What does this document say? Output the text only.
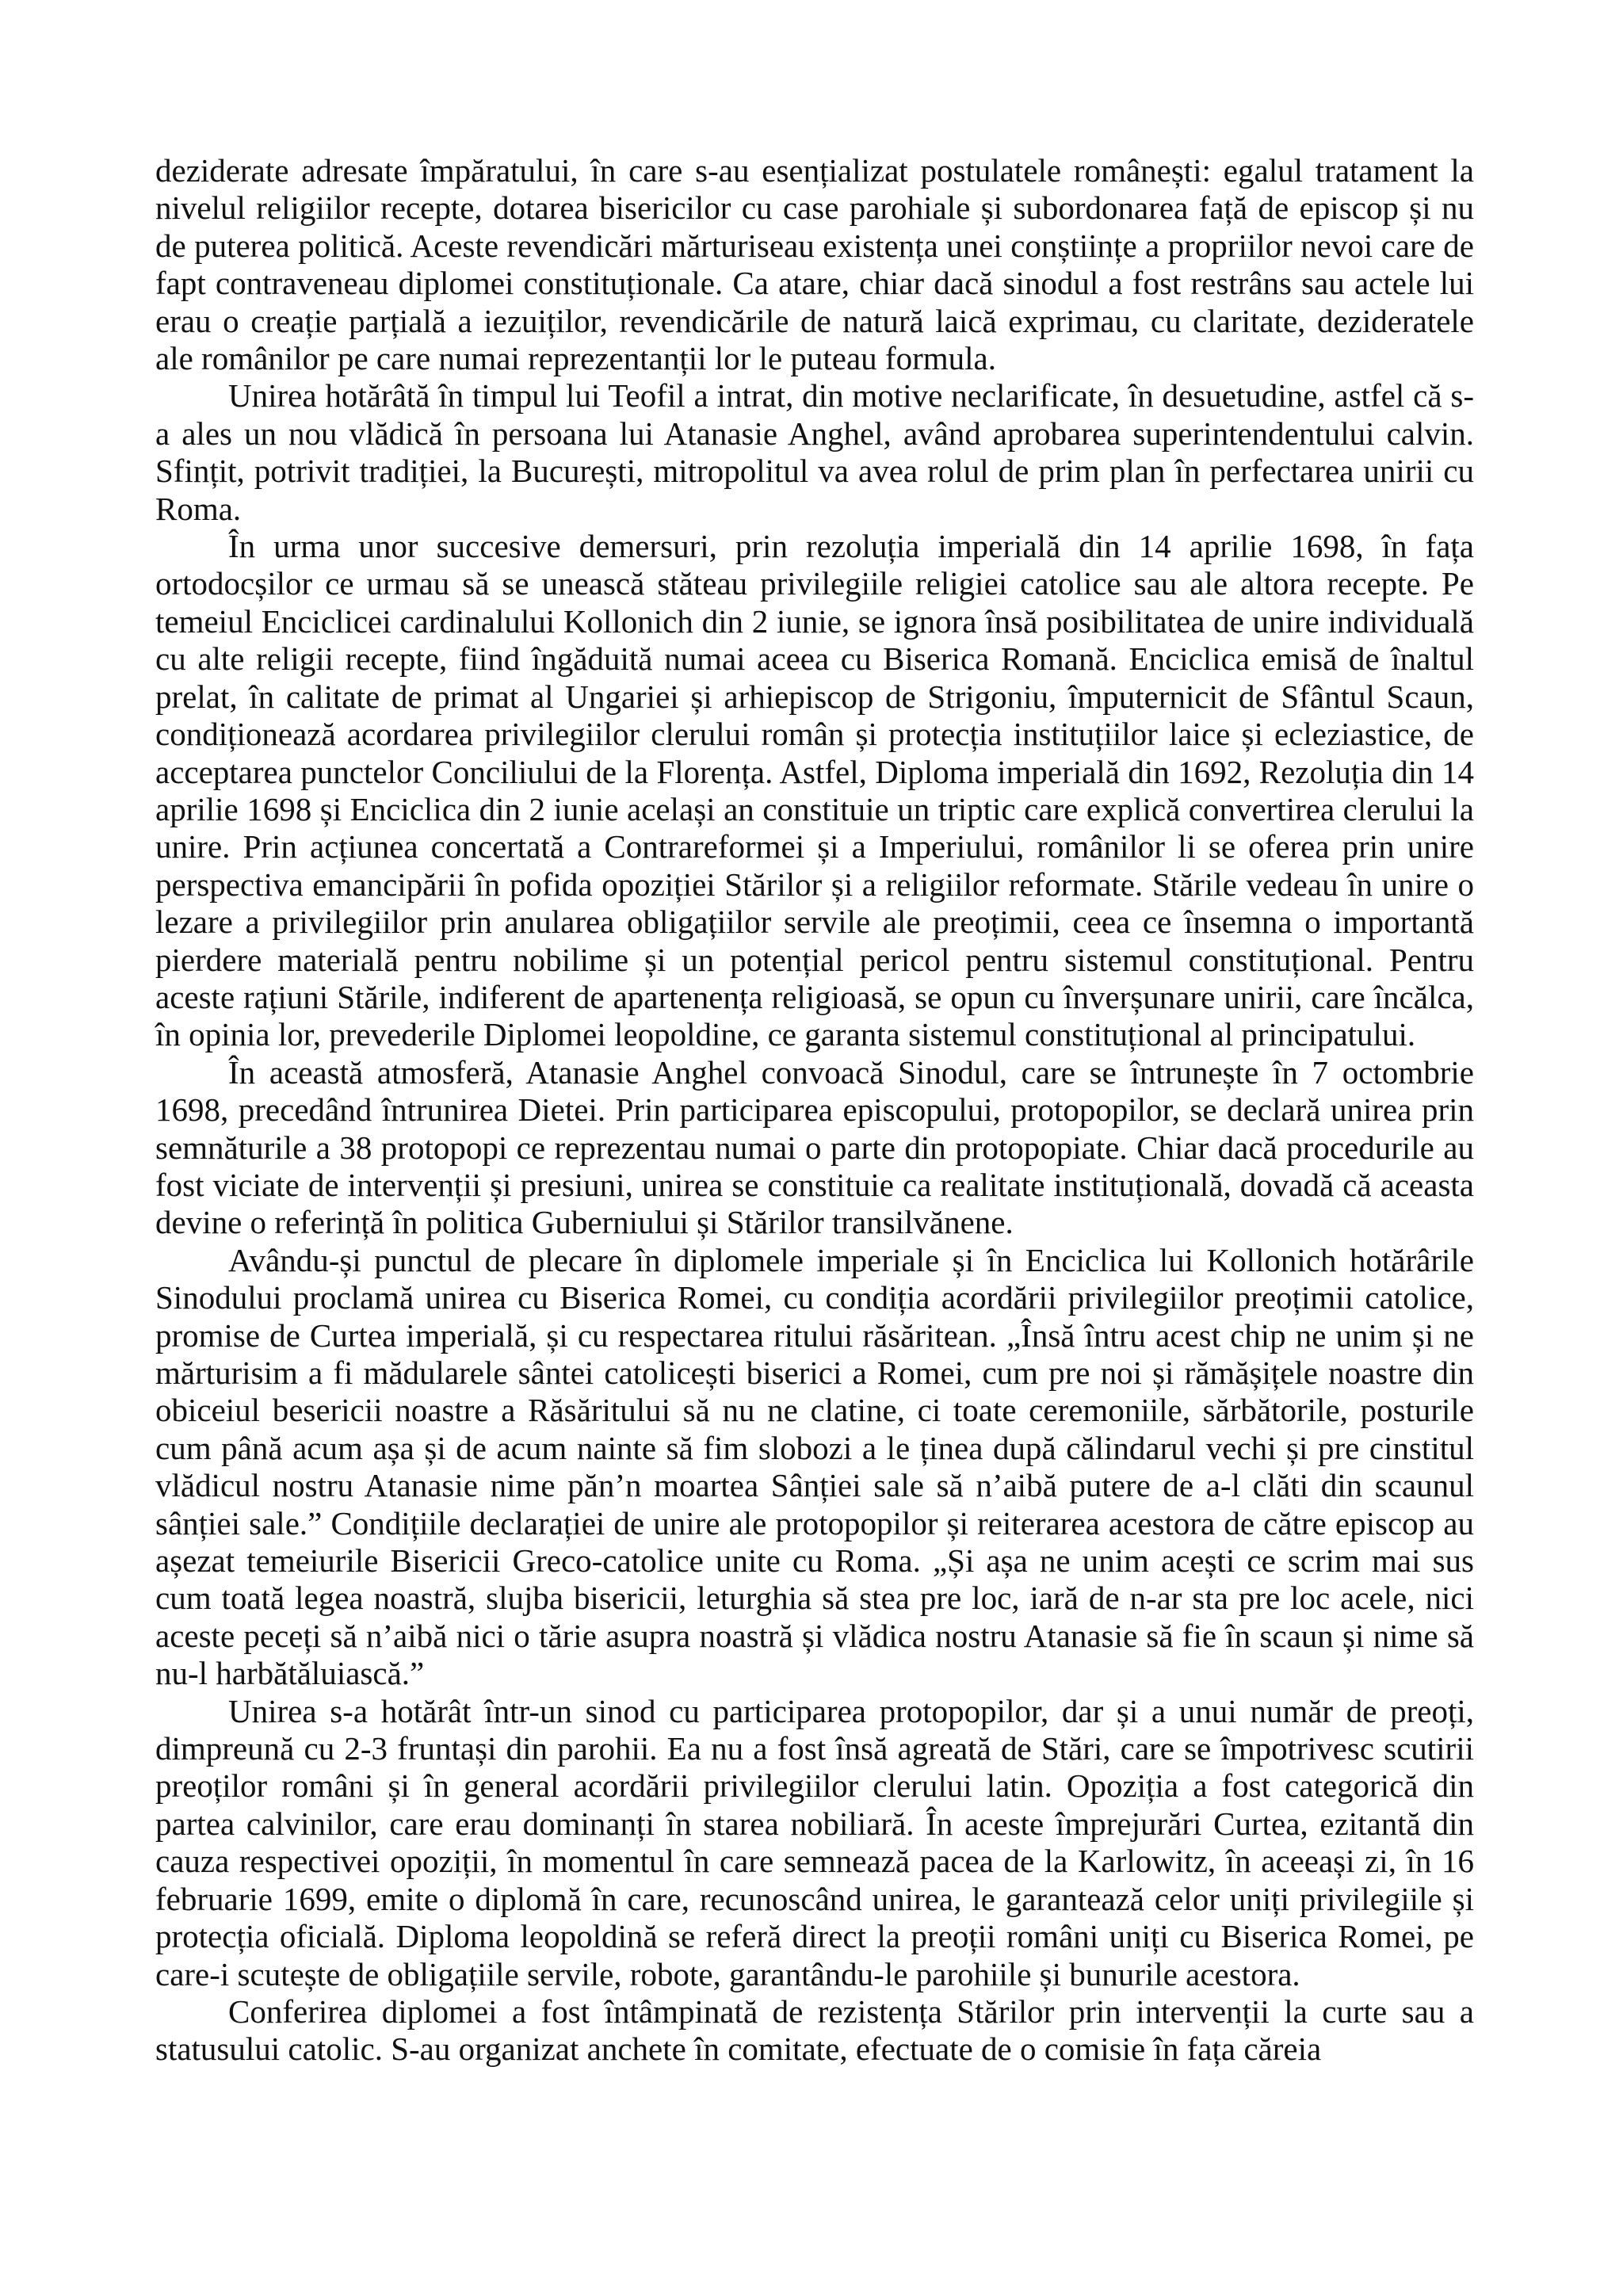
deziderate adresate împăratului, în care s-au esențializat postulatele românești: egalul tratament la nivelul religiilor recepte, dotarea bisericilor cu case parohiale și subordonarea față de episcop și nu de puterea politică. Aceste revendicări mărturiseau existența unei conștiințe a propriilor nevoi care de fapt contraveneau diplomei constituționale. Ca atare, chiar dacă sinodul a fost restrâns sau actele lui erau o creație parțială a iezuiților, revendicările de natură laică exprimau, cu claritate, dezideratele ale românilor pe care numai reprezentanții lor le puteau formula.

Unirea hotărâtă în timpul lui Teofil a intrat, din motive neclarificate, în desuetudine, astfel că s-a ales un nou vlădică în persoana lui Atanasie Anghel, având aprobarea superintendentului calvin. Sfințit, potrivit tradiției, la București, mitropolitul va avea rolul de prim plan în perfectarea unirii cu Roma.

În urma unor succesive demersuri, prin rezoluția imperială din 14 aprilie 1698, în fața ortodocșilor ce urmau să se unească stăteau privilegiile religiei catolice sau ale altora recepte. Pe temeiul Enciclicei cardinalului Kollonich din 2 iunie, se ignora însă posibilitatea de unire individuală cu alte religii recepte, fiind îngăduită numai aceea cu Biserica Romană. Enciclica emisă de înaltul prelat, în calitate de primat al Ungariei și arhiepiscop de Strigoniu, împuternicit de Sfântul Scaun, condiționează acordarea privilegiilor clerului român și protecția instituțiilor laice și ecleziastice, de acceptarea punctelor Conciliului de la Florența. Astfel, Diploma imperială din 1692, Rezoluția din 14 aprilie 1698 și Enciclica din 2 iunie același an constituie un triptic care explică convertirea clerului la unire. Prin acțiunea concertată a Contrareformei și a Imperiului, românilor li se oferea prin unire perspectiva emancipării în pofida opoziției Stărilor și a religiilor reformate. Stările vedeau în unire o lezare a privilegiilor prin anularea obligațiilor servile ale preoțimii, ceea ce însemna o importantă pierdere materială pentru nobilime și un potențial pericol pentru sistemul constituțional. Pentru aceste rațiuni Stările, indiferent de apartenența religioasă, se opun cu înverșunare unirii, care încălca, în opinia lor, prevederile Diplomei leopoldine, ce garanta sistemul constituțional al principatului.

În această atmosferă, Atanasie Anghel convoacă Sinodul, care se întrunește în 7 octombrie 1698, precedând întrunirea Dietei. Prin participarea episcopului, protopopilor, se declară unirea prin semnăturile a 38 protopopi ce reprezentau numai o parte din protopopiate. Chiar dacă procedurile au fost viciate de intervenții și presiuni, unirea se constituie ca realitate instituțională, dovadă că aceasta devine o referință în politica Guberniului și Stărilor transilvănene.

Avându-și punctul de plecare în diplomele imperiale și în Enciclica lui Kollonich hotărârile Sinodului proclamă unirea cu Biserica Romei, cu condiția acordării privilegiilor preoțimii catolice, promise de Curtea imperială, și cu respectarea ritului răsăritean. „Însă întru acest chip ne unim și ne mărturisim a fi mădularele sântei catolicești biserici a Romei, cum pre noi și rămășițele noastre din obiceiul besericii noastre a Răsăritului să nu ne clatine, ci toate ceremoniile, sărbătorile, posturile cum până acum așa și de acum nainte să fim slobozi a le ținea după călindarul vechi și pre cinstitul vlădicul nostru Atanasie nime păn’n moartea Sânției sale să n’aibă putere de a-l clăti din scaunul sânției sale.” Condițiile declarației de unire ale protopopilor și reiterarea acestora de către episcop au așezat temeiurile Bisericii Greco-catolice unite cu Roma. „Și așa ne unim acești ce scrim mai sus cum toată legea noastră, slujba bisericii, leturghia să stea pre loc, iară de n-ar sta pre loc acele, nici aceste peceți să n’aibă nici o tărie asupra noastră și vlădica nostru Atanasie să fie în scaun și nime să nu-l harbătăluiască.”

Unirea s-a hotărât într-un sinod cu participarea protopopilor, dar și a unui număr de preoți, dimpreună cu 2-3 fruntași din parohii. Ea nu a fost însă agreată de Stări, care se împotrivesc scutirii preoților români și în general acordării privilegiilor clerului latin. Opoziția a fost categorică din partea calvinilor, care erau dominanți în starea nobiliară. În aceste împrejurări Curtea, ezitantă din cauza respectivei opoziții, în momentul în care semnează pacea de la Karlowitz, în aceeași zi, în 16 februarie 1699, emite o diplomă în care, recunoscând unirea, le garantează celor uniți privilegiile și protecția oficială. Diploma leopoldină se referă direct la preoții români uniți cu Biserica Romei, pe care-i scutește de obligațiile servile, robote, garantându-le parohiile și bunurile acestora.

Conferirea diplomei a fost întâmpinată de rezistența Stărilor prin intervenții la curte sau a statusului catolic. S-au organizat anchete în comitate, efectuate de o comisie în fața căreia
